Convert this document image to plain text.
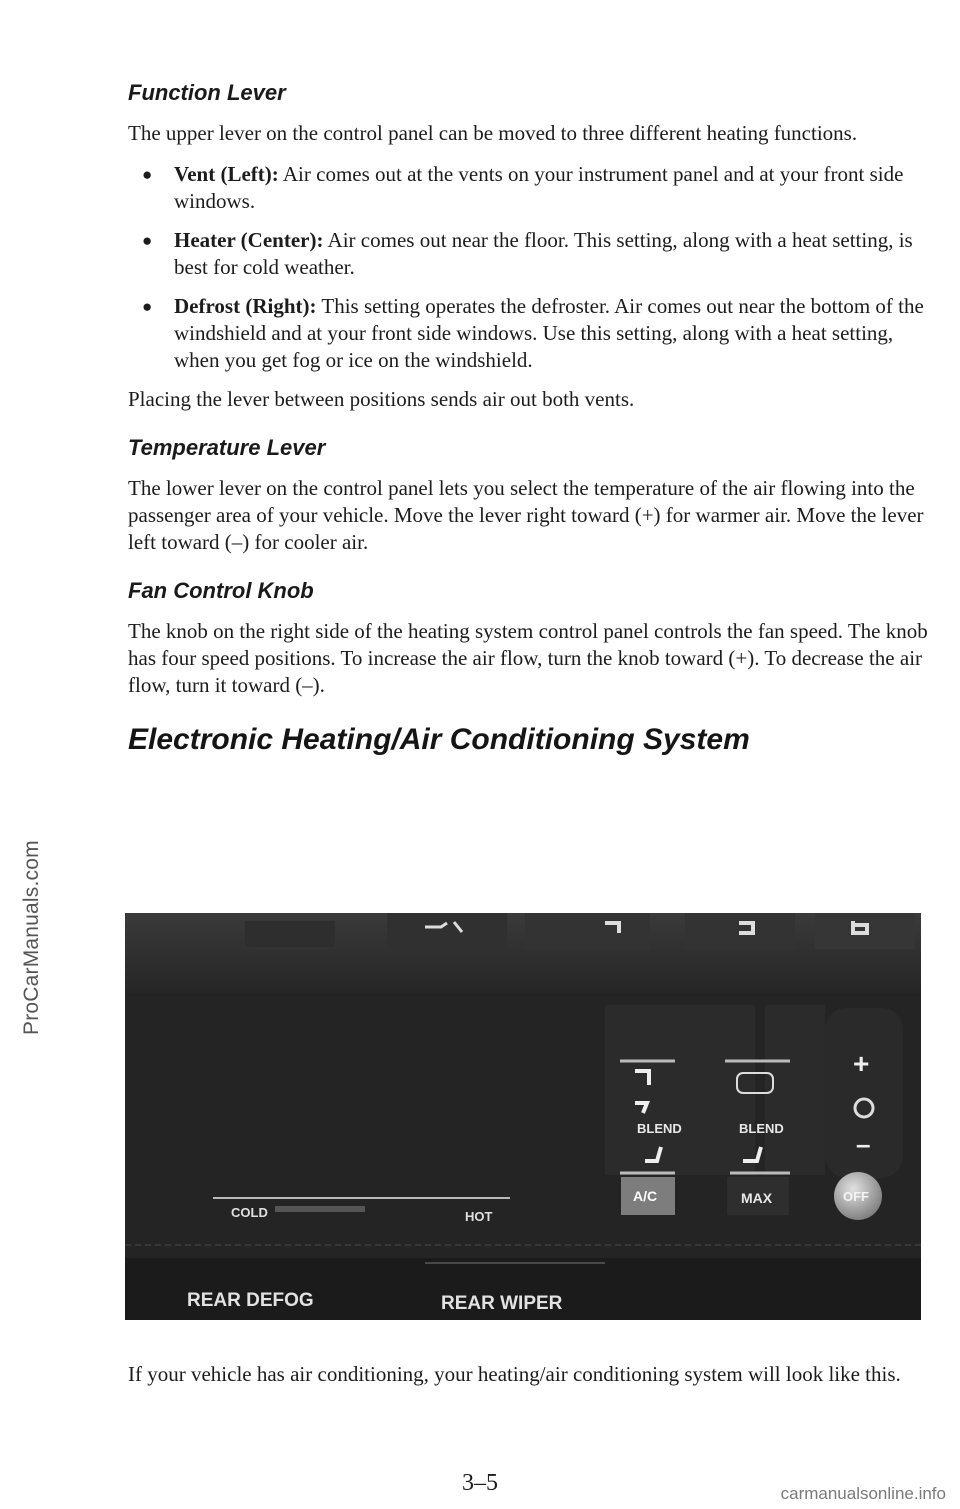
ProCarManuals.com
Function Lever

The upper lever on the control panel can be moved to three different heating functions.

● Vent (Left): Air comes out at the vents on your instrument panel and at your front side windows.
● Heater (Center): Air comes out near the floor. This setting, along with a heat setting, is best for cold weather.
● Defrost (Right): This setting operates the defroster. Air comes out near the bottom of the windshield and at your front side windows. Use this setting, along with a heat setting, when you get fog or ice on the windshield.

Placing the lever between positions sends air out both vents.

Temperature Lever

The lower lever on the control panel lets you select the temperature of the air flowing into the passenger area of your vehicle. Move the lever right toward (+) for warmer air. Move the lever left toward (–) for cooler air.

Fan Control Knob

The knob on the right side of the heating system control panel controls the fan speed. The knob has four speed positions. To increase the air flow, turn the knob toward (+). To decrease the air flow, turn it toward (–).

Electronic Heating/Air Conditioning System
BLEND	BLEND
+
–
A/C	MAX	OFF
COLD	HOT
REAR DEFOG	REAR WIPER

If your vehicle has air conditioning, your heating/air conditioning system will look like this.

3–5	carmanualsonline.info
